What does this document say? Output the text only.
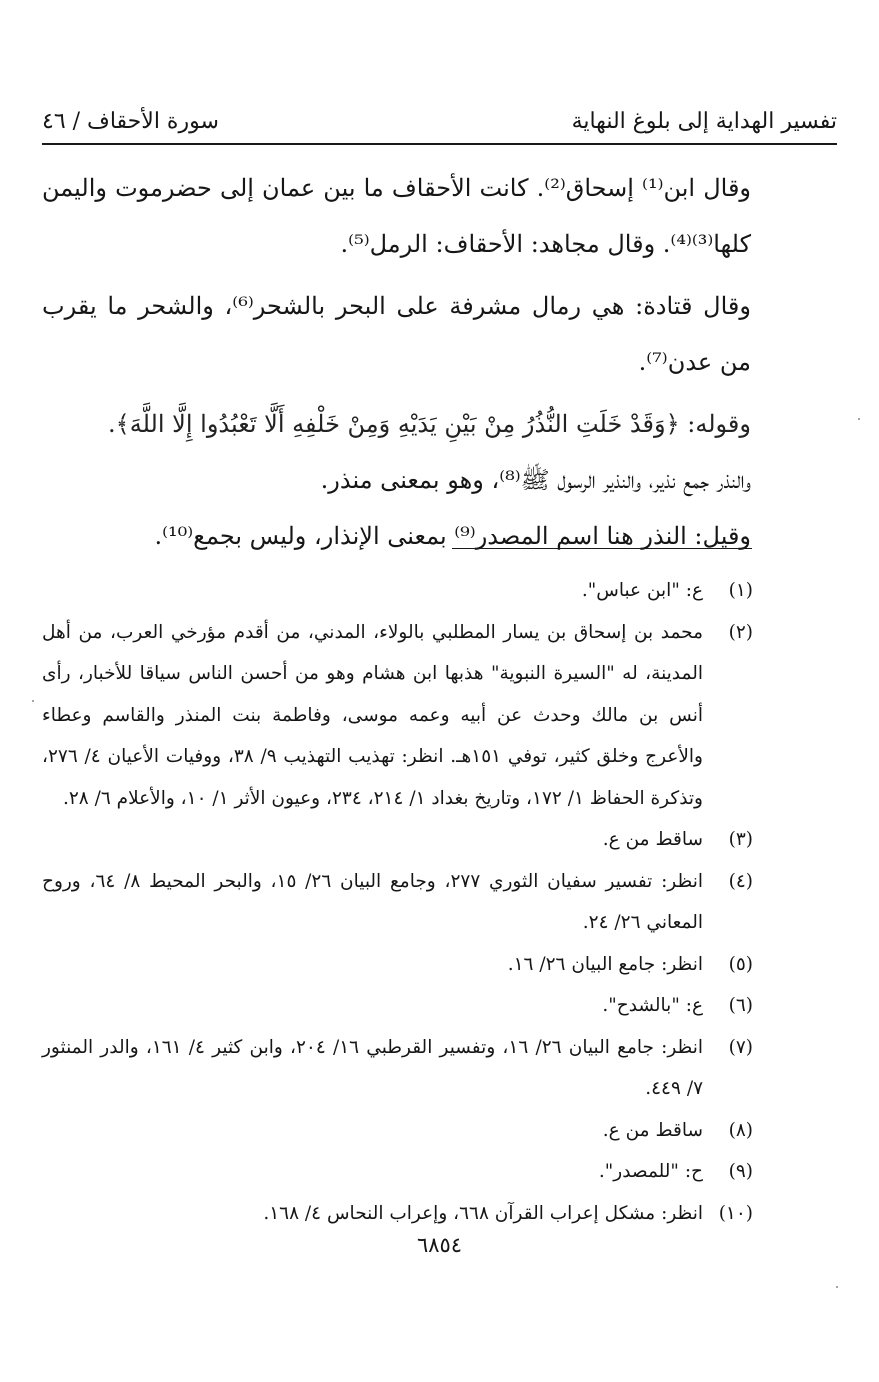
تفسير الهداية إلى بلوغ النهاية
سورة الأحقاف / ٤٦

وقال ابن⁽¹⁾ إسحاق⁽²⁾. كانت الأحقاف ما بين عمان إلى حضرموت واليمن كلها⁽³⁾⁽⁴⁾. وقال مجاهد: الأحقاف: الرمل⁽⁵⁾.

وقال قتادة: هي رمال مشرفة على البحر بالشحر⁽⁶⁾، والشحر ما يقرب من عدن⁽⁷⁾.

وقوله: ﴿وَقَدْ خَلَتِ النُّذُرُ مِنْ بَيْنِ يَدَيْهِ وَمِنْ خَلْفِهِ أَلَّا تَعْبُدُوا إِلَّا اللَّهَ﴾.

والنذر جمع نذير، والنذير الرسول ﷺ⁽⁸⁾، وهو بمعنى منذر.

وقيل: النذر هنا اسم المصدر⁽⁹⁾ بمعنى الإنذار، وليس بجمع⁽¹⁰⁾.

(١)
ع: "ابن عباس".
(٢)
محمد بن إسحاق بن يسار المطلبي بالولاء، المدني، من أقدم مؤرخي العرب، من أهل المدينة، له "السيرة النبوية" هذبها ابن هشام وهو من أحسن الناس سياقا للأخبار، رأى أنس بن مالك وحدث عن أبيه وعمه موسى، وفاطمة بنت المنذر والقاسم وعطاء والأعرج وخلق كثير، توفي ١٥١هـ. انظر: تهذيب التهذيب ٩/ ٣٨، ووفيات الأعيان ٤/ ٢٧٦، وتذكرة الحفاظ ١/ ١٧٢، وتاريخ بغداد ١/ ٢١٤، ٢٣٤، وعيون الأثر ١/ ١٠، والأعلام ٦/ ٢٨.
(٣)
ساقط من ع.
(٤)
انظر: تفسير سفيان الثوري ٢٧٧، وجامع البيان ٢٦/ ١٥، والبحر المحيط ٨/ ٦٤، وروح المعاني ٢٦/ ٢٤.
(٥)
انظر: جامع البيان ٢٦/ ١٦.
(٦)
ع: "بالشدح".
(٧)
انظر: جامع البيان ٢٦/ ١٦، وتفسير القرطبي ١٦/ ٢٠٤، وابن كثير ٤/ ١٦١، والدر المنثور ٧/ ٤٤٩.
(٨)
ساقط من ع.
(٩)
ح: "للمصدر".
(١٠)
انظر: مشكل إعراب القرآن ٦٦٨، وإعراب النحاس ٤/ ١٦٨.
٦٨٥٤
